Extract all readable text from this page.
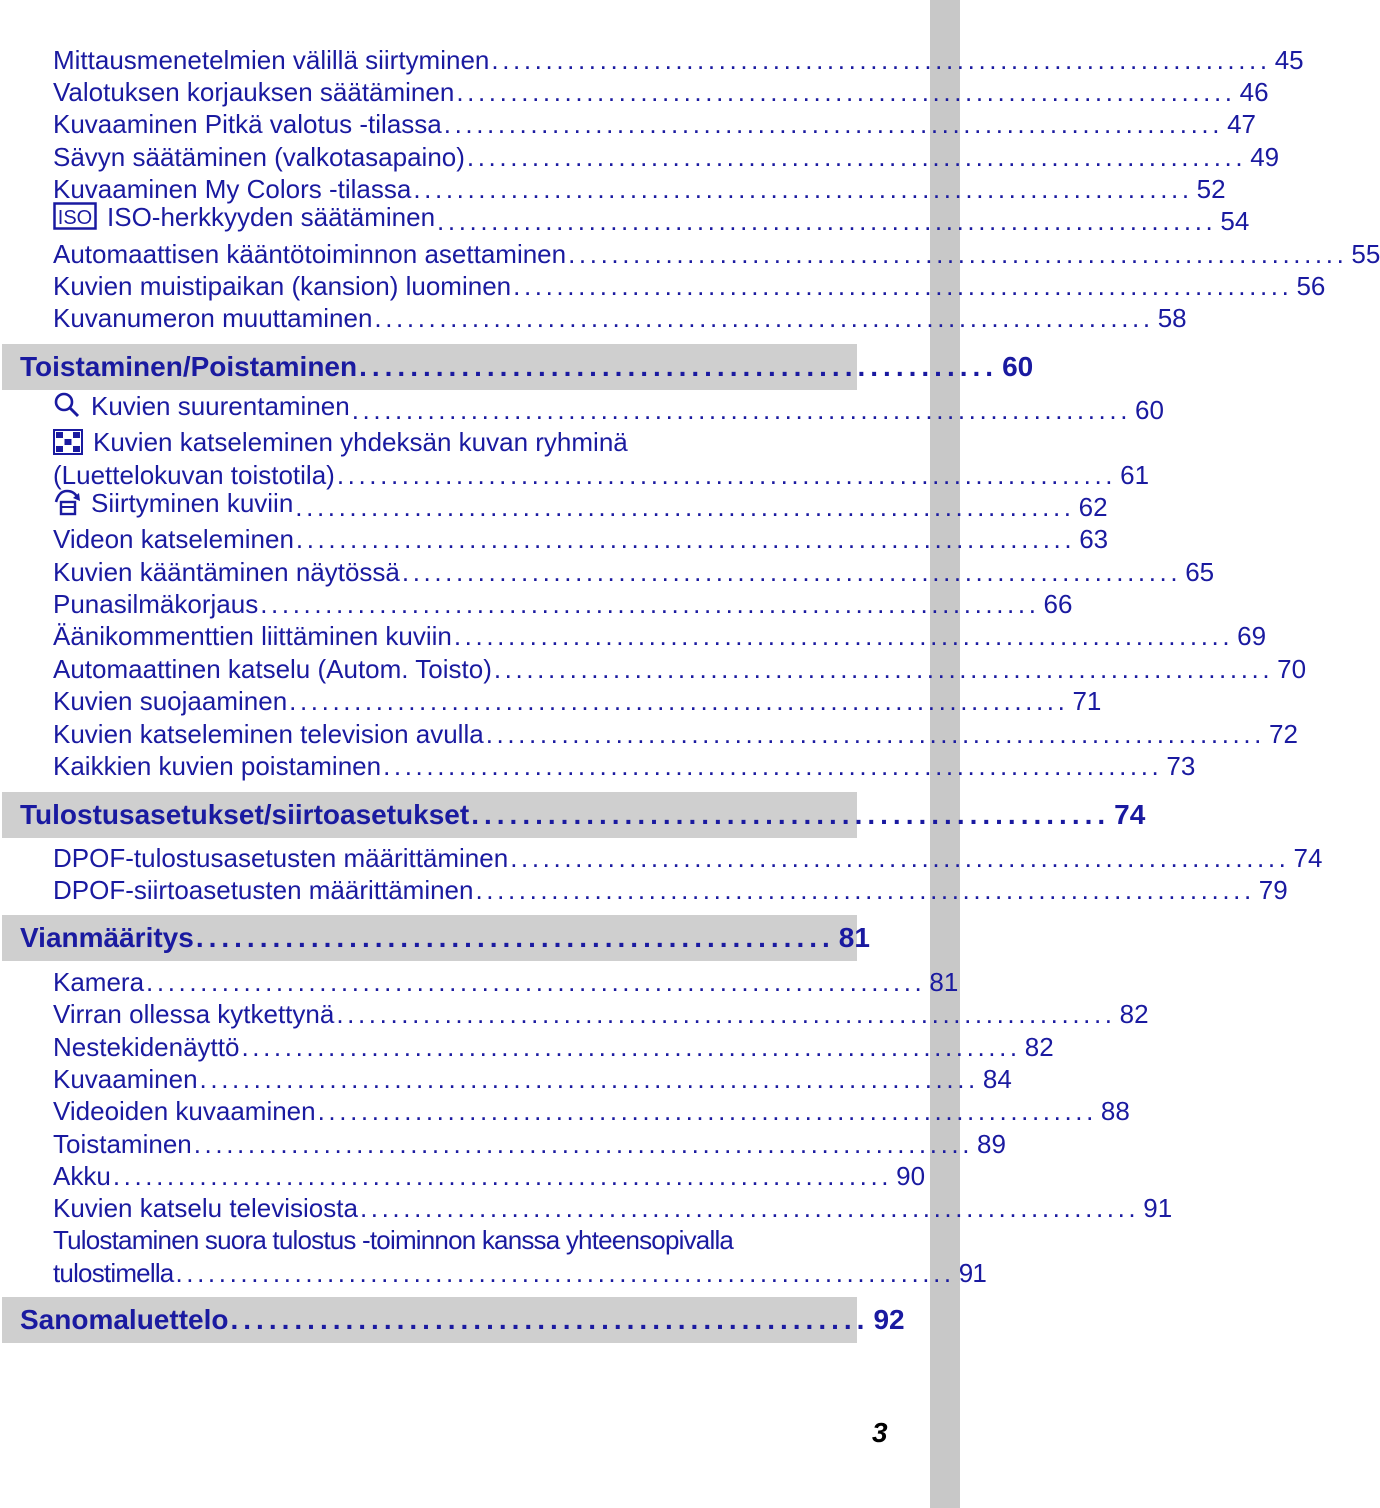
Mittausmenetelmien välillä siirtyminen ........................................................................ 45
Valotuksen korjauksen säätäminen ........................................................................ 46
Kuvaaminen Pitkä valotus -tilassa ........................................................................ 47
Sävyn säätäminen (valkotasapaino) ........................................................................ 49
Kuvaaminen My Colors -tilassa ........................................................................ 52
ISO ISO-herkkyyden säätäminen ........................................................................ 54
Automaattisen kääntötoiminnon asettaminen ........................................................................ 55
Kuvien muistipaikan (kansion) luominen ........................................................................ 56
Kuvanumeron muuttaminen ........................................................................ 58
Toistaminen/Poistaminen .................................................. 60
Kuvien suurentaminen ........................................................................ 60
Kuvien katseleminen yhdeksän kuvan ryhminä
(Luettelokuvan toistotila) ........................................................................ 61
Siirtyminen kuviin ........................................................................ 62
Videon katseleminen ........................................................................ 63
Kuvien kääntäminen näytössä ........................................................................ 65
Punasilmäkorjaus ........................................................................ 66
Äänikommenttien liittäminen kuviin ........................................................................ 69
Automaattinen katselu (Autom. Toisto) ........................................................................ 70
Kuvien suojaaminen ........................................................................ 71
Kuvien katseleminen television avulla ........................................................................ 72
Kaikkien kuvien poistaminen ........................................................................ 73
Tulostusasetukset/siirtoasetukset .................................................. 74
DPOF-tulostusasetusten määrittäminen ........................................................................ 74
DPOF-siirtoasetusten määrittäminen ........................................................................ 79
Vianmääritys .................................................. 81
Kamera ........................................................................ 81
Virran ollessa kytkettynä ........................................................................ 82
Nestekidenäyttö ........................................................................ 82
Kuvaaminen ........................................................................ 84
Videoiden kuvaaminen ........................................................................ 88
Toistaminen ........................................................................ 89
Akku ........................................................................ 90
Kuvien katselu televisiosta ........................................................................ 91
Tulostaminen suora tulostus -toiminnon kanssa yhteensopivalla
tulostimella ........................................................................ 91
Sanomaluettelo .................................................. 92
3
